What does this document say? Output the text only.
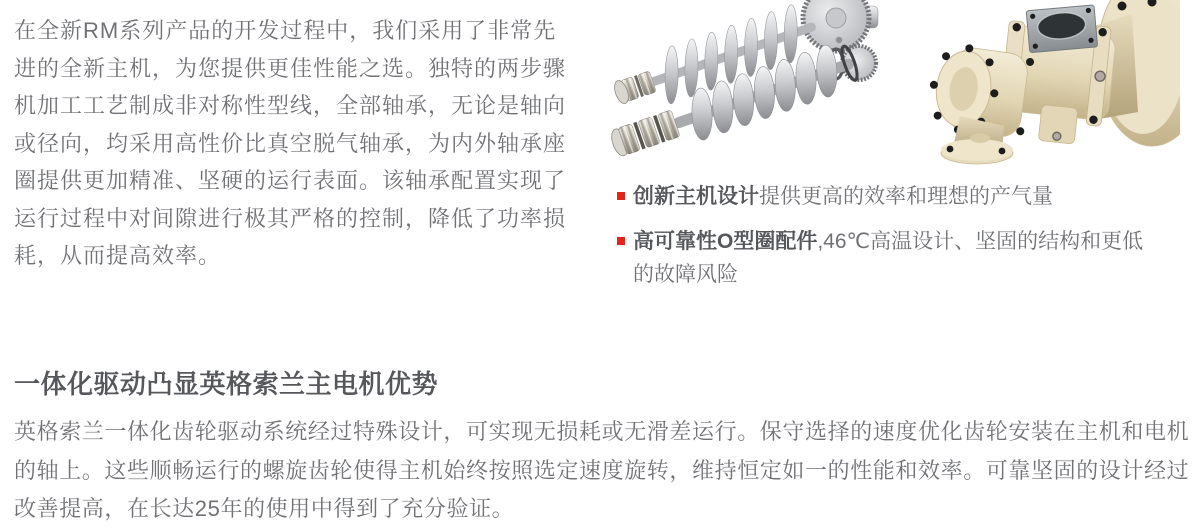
在全新RM系列产品的开发过程中，我们采用了非常先进的全新主机，为您提供更佳性能之选。独特的两步骤机加工工艺制成非对称性型线，全部轴承，无论是轴向或径向，均采用高性价比真空脱气轴承，为内外轴承座圈提供更加精准、坚硬的运行表面。该轴承配置实现了运行过程中对间隙进行极其严格的控制，降低了功率损耗，从而提高效率。

创新主机设计提供更高的效率和理想的产气量
高可靠性O型圈配件,46℃高温设计、坚固的结构和更低的故障风险
一体化驱动凸显英格索兰主电机优势

英格索兰一体化齿轮驱动系统经过特殊设计，可实现无损耗或无滑差运行。保守选择的速度优化齿轮安装在主机和电机的轴上。这些顺畅运行的螺旋齿轮使得主机始终按照选定速度旋转，维持恒定如一的性能和效率。可靠坚固的设计经过改善提高，在长达25年的使用中得到了充分验证。
